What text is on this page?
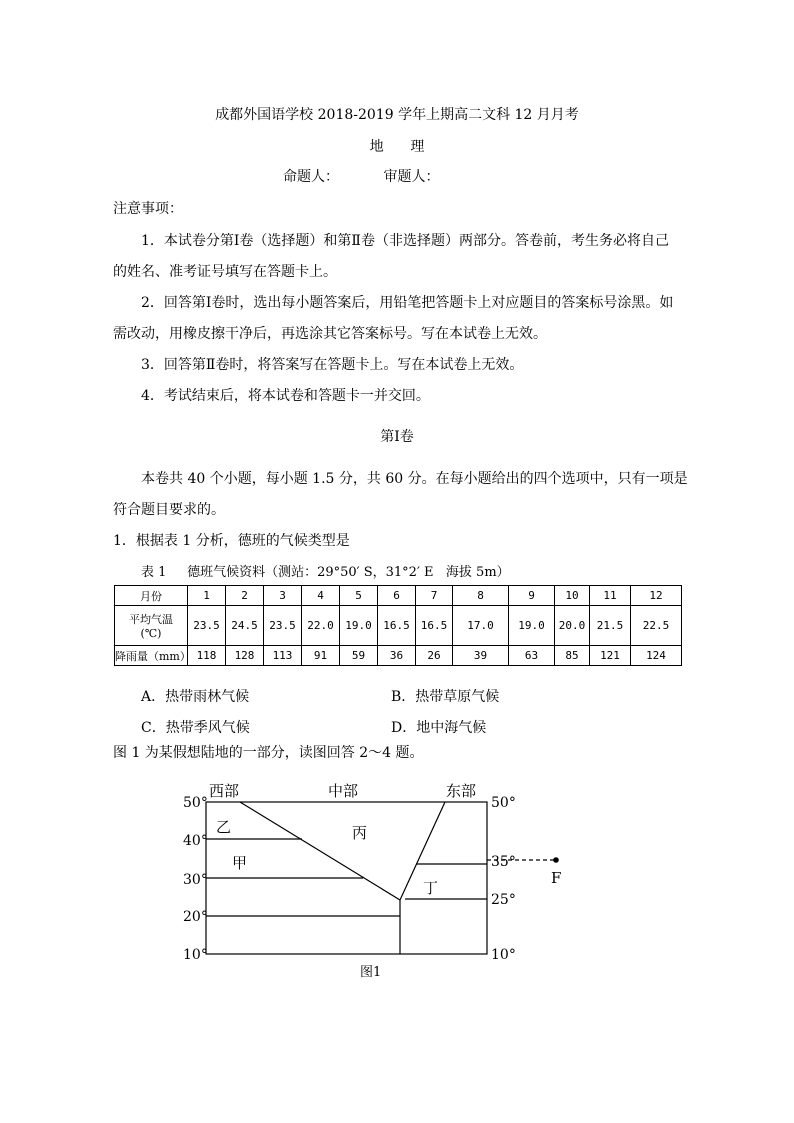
成都外国语学校 2018-2019 学年上期高二文科 12 月月考
地      理
命题人：          审题人：
注意事项：
1．本试卷分第Ⅰ卷（选择题）和第Ⅱ卷（非选择题）两部分。答卷前，考生务必将自己
的姓名、准考证号填写在答题卡上。
2．回答第Ⅰ卷时，选出每小题答案后，用铅笔把答题卡上对应题目的答案标号涂黑。如
需改动，用橡皮擦干净后，再选涂其它答案标号。写在本试卷上无效。
3．回答第Ⅱ卷时，将答案写在答题卡上。写在本试卷上无效。
4．考试结束后，将本试卷和答题卡一并交回。
第Ⅰ卷
本卷共 40 个小题，每小题 1.5 分，共 60 分。在每小题给出的四个选项中，只有一项是
符合题目要求的。
1．根据表 1 分析，德班的气候类型是
表 1     德班气候资料（测站：29°50′ S，31°2′ E   海拔 5m）
月份	1	2	3	4	5	6	7	8	9	10	11	12
平均气温
(℃)	23.5	24.5	23.5	22.0	19.0	16.5	16.5	17.0	19.0	20.0	21.5	22.5
降雨量（mm）	118	128	113	91	59	36	26	39	63	85	121	124
A．热带雨林气候	B．热带草原气候
C．热带季风气候	D．地中海气候
图 1 为某假想陆地的一部分，读图回答 2～4 题。
西部	中部	东部
乙	丙
甲
丁
F
50°
40°
30°
20°
10°
50°
35°
25°
10°
图1
